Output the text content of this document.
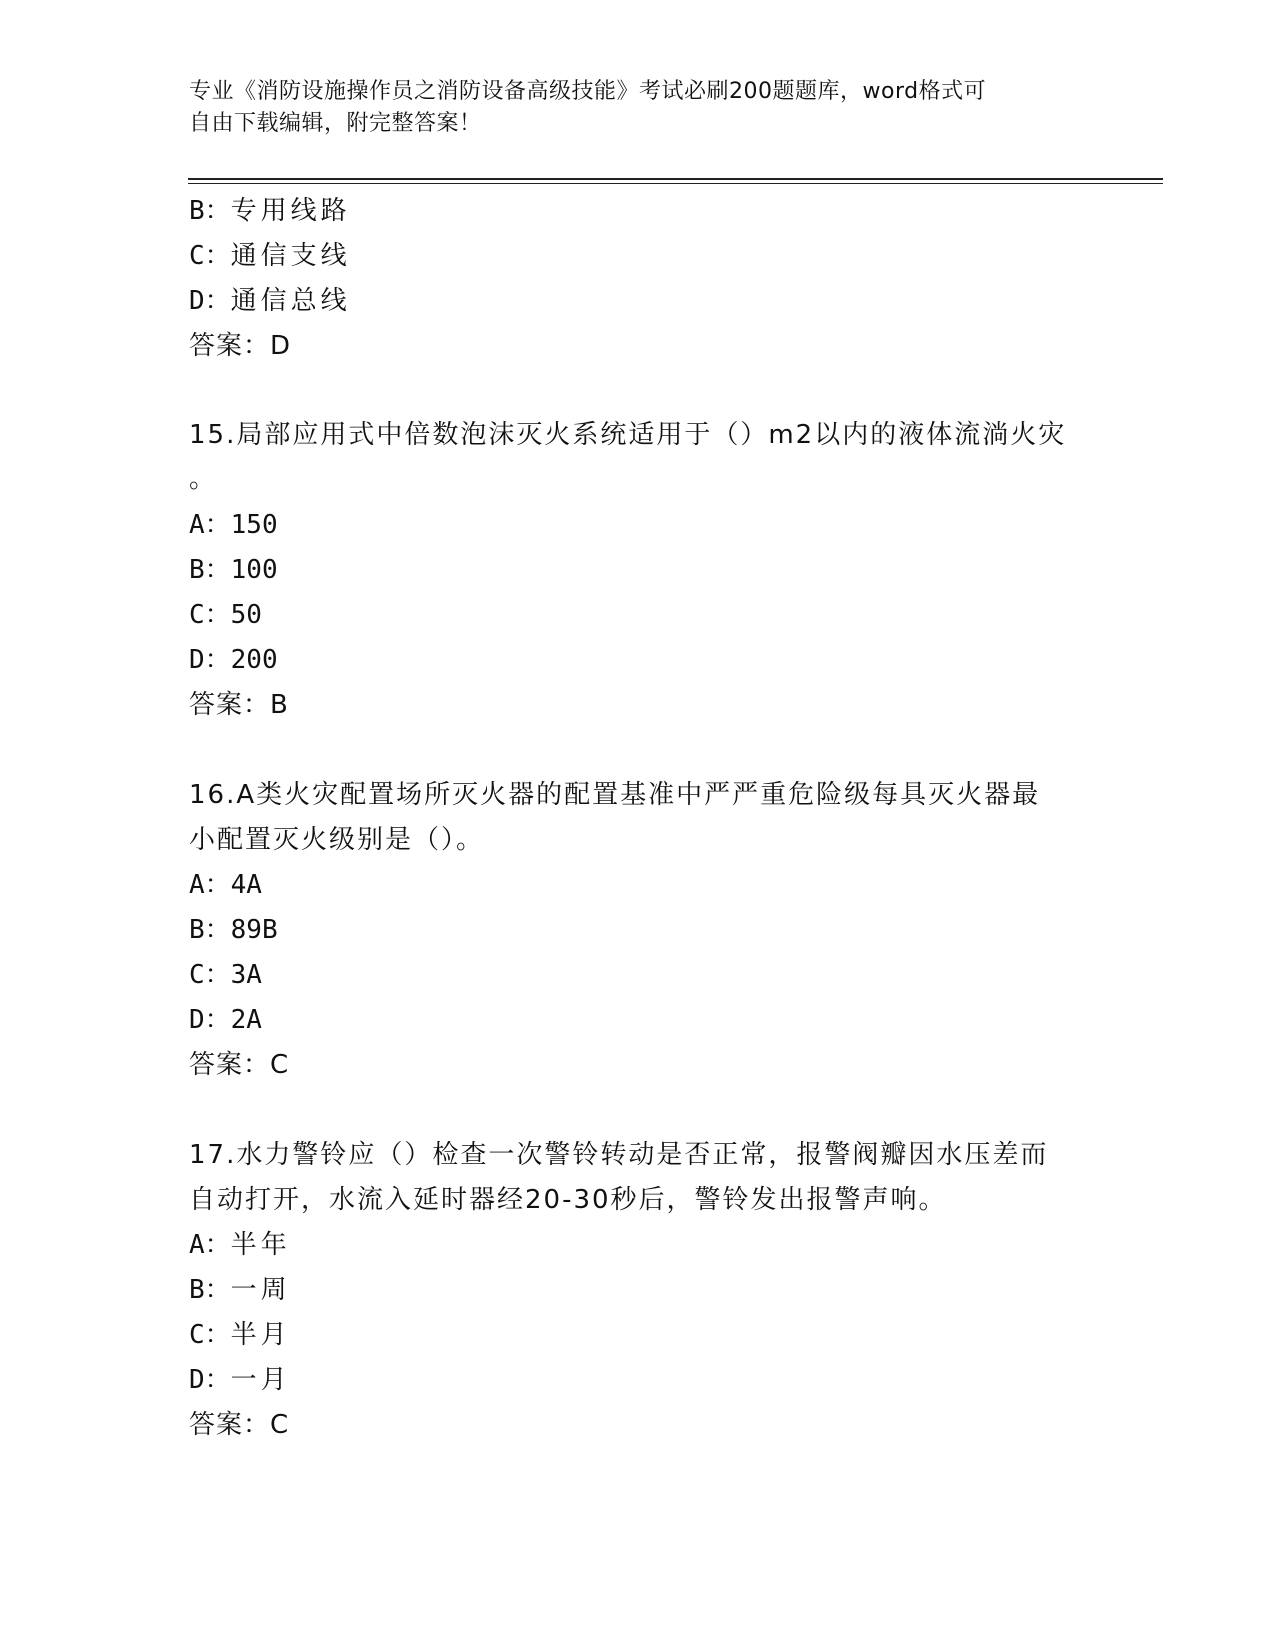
专业《消防设施操作员之消防设备高级技能》考试必刷200题题库，word格式可
自由下载编辑，附完整答案！
B：专用线路
C：通信支线
D：通信总线
答案：D
15.局部应用式中倍数泡沫灭火系统适用于（）m2以内的液体流淌火灾
。
A：150
B：100
C：50
D：200
答案：B
16.A类火灾配置场所灭火器的配置基准中严严重危险级每具灭火器最
小配置灭火级别是（）。
A：4A
B：89B
C：3A
D：2A
答案：C
17.水力警铃应（）检查一次警铃转动是否正常，报警阀瓣因水压差而
自动打开，水流入延时器经20-30秒后，警铃发出报警声响。
A：半年
B：一周
C：半月
D：一月
答案：C
